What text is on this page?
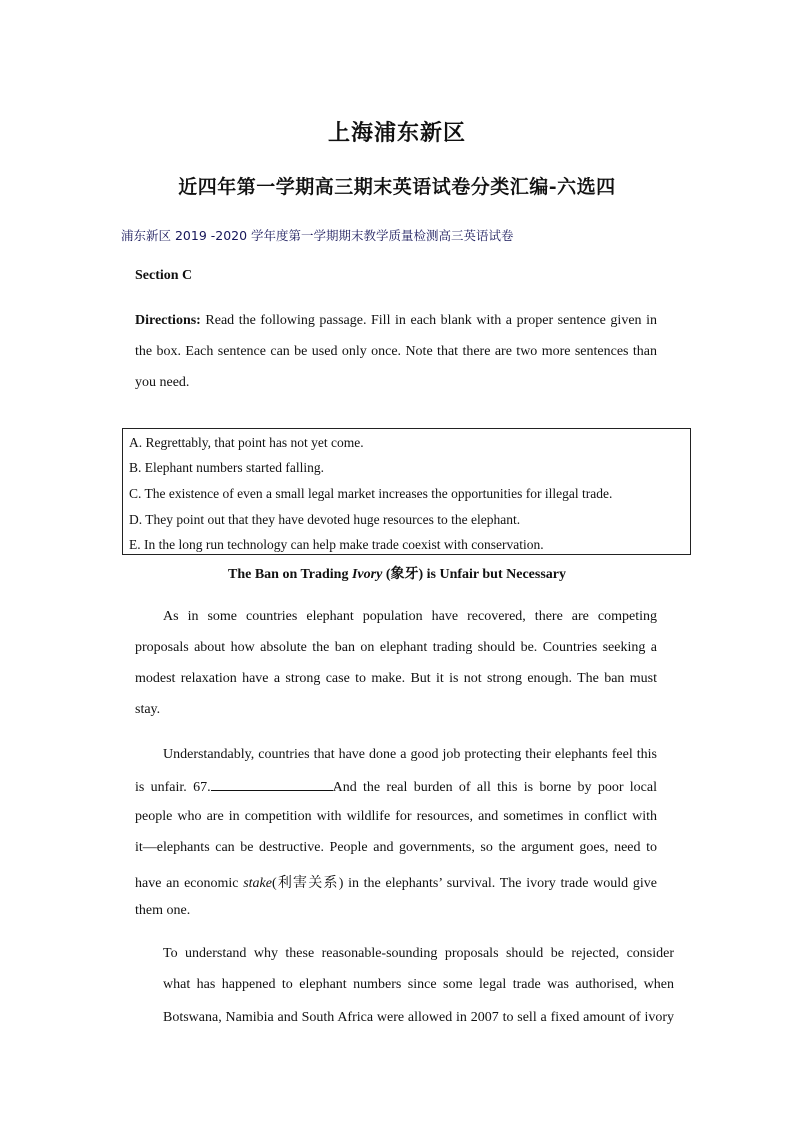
上海浦东新区
近四年第一学期高三期末英语试卷分类汇编-六选四
浦东新区 2019 -2020 学年度第一学期期末教学质量检测高三英语试卷
Section C
Directions: Read the following passage. Fill in each blank with a proper sentence given in
the box. Each sentence can be used only once. Note that there are two more sentences than
you need.
A. Regrettably, that point has not yet come.
B. Elephant numbers started falling.
C. The existence of even a small legal market increases the opportunities for illegal trade.
D. They point out that they have devoted huge resources to the elephant.
E. In the long run technology can help make trade coexist with conservation.
The Ban on Trading Ivory (象牙) is Unfair but Necessary
As in some countries elephant population have recovered, there are competing
proposals about how absolute the ban on elephant trading should be. Countries seeking a
modest relaxation have a strong case to make. But it is not strong enough. The ban must
stay.
Understandably, countries that have done a good job protecting their elephants feel this
is unfair. 67.	And the real burden of all this is borne by poor local
people who are in competition with wildlife for resources, and sometimes in conflict with
it—elephants can be destructive. People and governments, so the argument goes, need to
have an economic stake(利害关系) in the elephants’ survival. The ivory trade would give
them one.
To understand why these reasonable-sounding proposals should be rejected, consider
what has happened to elephant numbers since some legal trade was authorised, when
Botswana, Namibia and South Africa were allowed in 2007 to sell a fixed amount of ivory
